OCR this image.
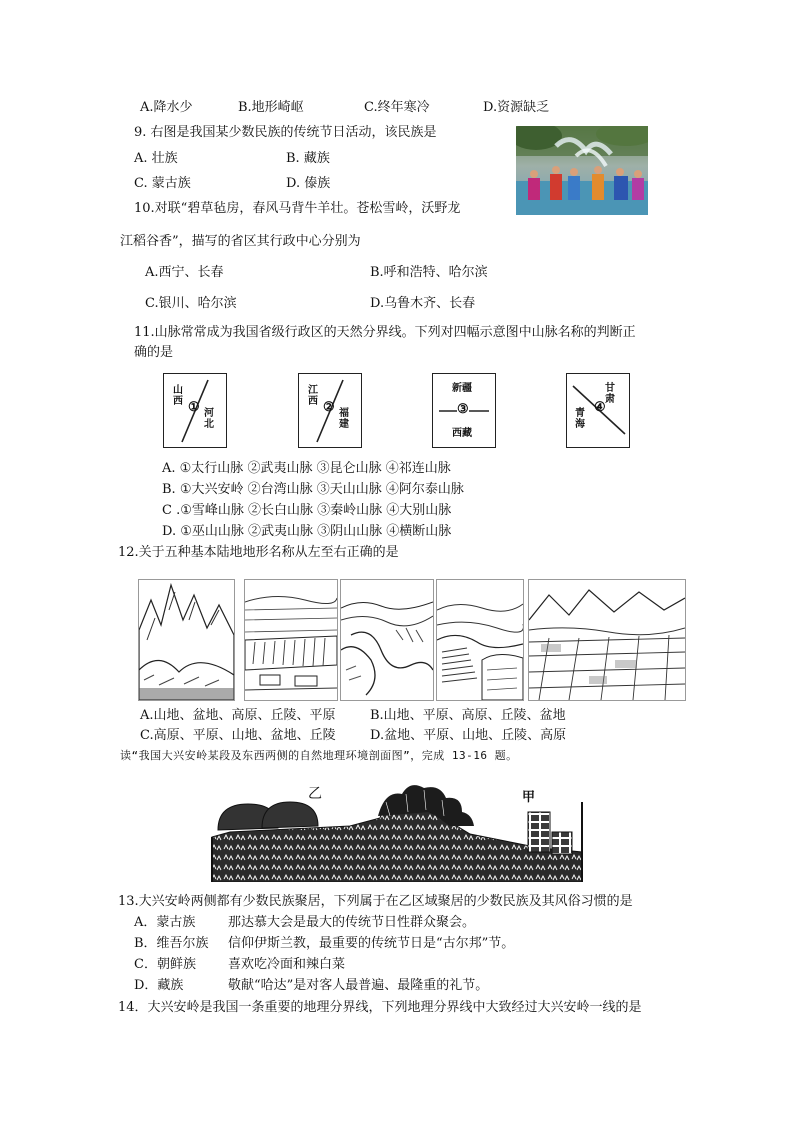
A.降水少	B.地形崎岖	C.终年寒冷	D.资源缺乏
9. 右图是我国某少数民族的传统节日活动，该民族是
A. 壮族	B. 藏族
C. 蒙古族	D. 傣族
10.对联“碧草毡房，春风马背牛羊壮。苍松雪岭，沃野龙
江稻谷香”，描写的省区其行政中心分别为
A.西宁、长春	B.呼和浩特、哈尔滨
C.银川、哈尔滨	D.乌鲁木齐、长春
11.山脉常常成为我国省级行政区的天然分界线。下列对四幅示意图中山脉名称的判断正
确的是
山西 ① 河北
江西 ② 福建
新疆
③
西藏
甘肃
④
青海
A. ①太行山脉 ②武夷山脉 ③昆仑山脉 ④祁连山脉
B. ①大兴安岭 ②台湾山脉 ③天山山脉 ④阿尔泰山脉
C .①雪峰山脉 ②长白山脉 ③秦岭山脉 ④大别山脉
D. ①巫山山脉 ②武夷山脉 ③阴山山脉 ④横断山脉
12.关于五种基本陆地地形名称从左至右正确的是
A.山地、盆地、高原、丘陵、平原	B.山地、平原、高原、丘陵、盆地
C.高原、平原、山地、盆地、丘陵	D.盆地、平原、山地、丘陵、高原
读“我国大兴安岭某段及东西两侧的自然地理环境剖面图”，完成 13-16 题。
乙	甲
13.大兴安岭两侧都有少数民族聚居，下列属于在乙区域聚居的少数民族及其风俗习惯的是
A．蒙古族	那达慕大会是最大的传统节日性群众聚会。
B．维吾尔族 信仰伊斯兰教，最重要的传统节日是“古尔邦”节。
C．朝鲜族 喜欢吃冷面和辣白菜
D．藏族	敬献“哈达”是对客人最普遍、最隆重的礼节。
14．大兴安岭是我国一条重要的地理分界线，下列地理分界线中大致经过大兴安岭一线的是
